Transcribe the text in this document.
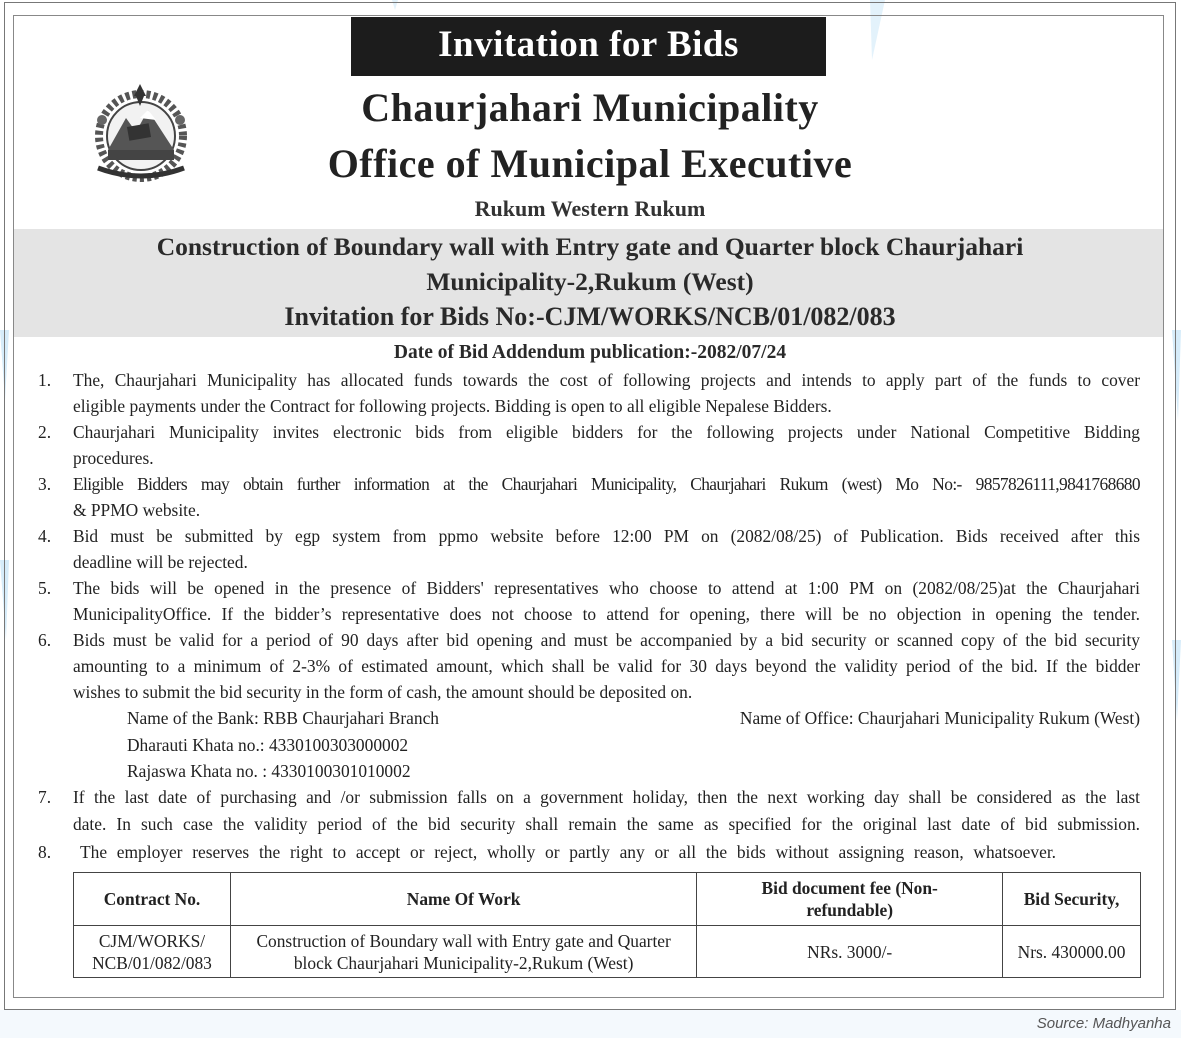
Invitation for Bids
Chaurjahari Municipality
Office of Municipal Executive
Rukum Western Rukum
Construction of Boundary wall with Entry gate and Quarter block Chaurjahari
Municipality-2,Rukum (West)
Invitation for Bids No:-CJM/WORKS/NCB/01/082/083
Date of Bid Addendum publication:-2082/07/24
1. The, Chaurjahari Municipality has allocated funds towards the cost of following projects and intends to apply part of the funds to cover
eligible payments under the Contract for following projects. Bidding is open to all eligible Nepalese Bidders.
2. Chaurjahari Municipality invites electronic bids from eligible bidders for the following projects under National Competitive Bidding
procedures.
3. Eligible Bidders may obtain further information at the Chaurjahari Municipality, Chaurjahari Rukum (west) Mo No:- 9857826111,9841768680
& PPMO website.
4. Bid must be submitted by egp system from ppmo website before 12:00 PM on (2082/08/25) of Publication. Bids received after this
deadline will be rejected.
5. The bids will be opened in the presence of Bidders' representatives who choose to attend at 1:00 PM on (2082/08/25)at the Chaurjahari
MunicipalityOffice. If the bidder’s representative does not choose to attend for opening, there will be no objection in opening the tender.
6. Bids must be valid for a period of 90 days after bid opening and must be accompanied by a bid security or scanned copy of the bid security
amounting to a minimum of 2-3% of estimated amount, which shall be valid for 30 days beyond the validity period of the bid. If the bidder
wishes to submit the bid security in the form of cash, the amount should be deposited on.
Name of the Bank: RBB Chaurjahari Branch	Name of Office: Chaurjahari Municipality Rukum (West)
Dharauti Khata no.: 4330100303000002
Rajaswa Khata no. : 4330100301010002
7. If the last date of purchasing and /or submission falls on a government holiday, then the next working day shall be considered as the last
date. In such case the validity period of the bid security shall remain the same as specified for the original last date of bid submission.
8. The employer reserves the right to accept or reject, wholly or partly any or all the bids without assigning reason, whatsoever.
Contract No.	Name Of Work	Bid document fee (Non-refundable)	Bid Security,
CJM/WORKS/ NCB/01/082/083	Construction of Boundary wall with Entry gate and Quarter block Chaurjahari Municipality-2,Rukum (West)	NRs. 3000/-	Nrs. 430000.00
Source: Madhyanha
